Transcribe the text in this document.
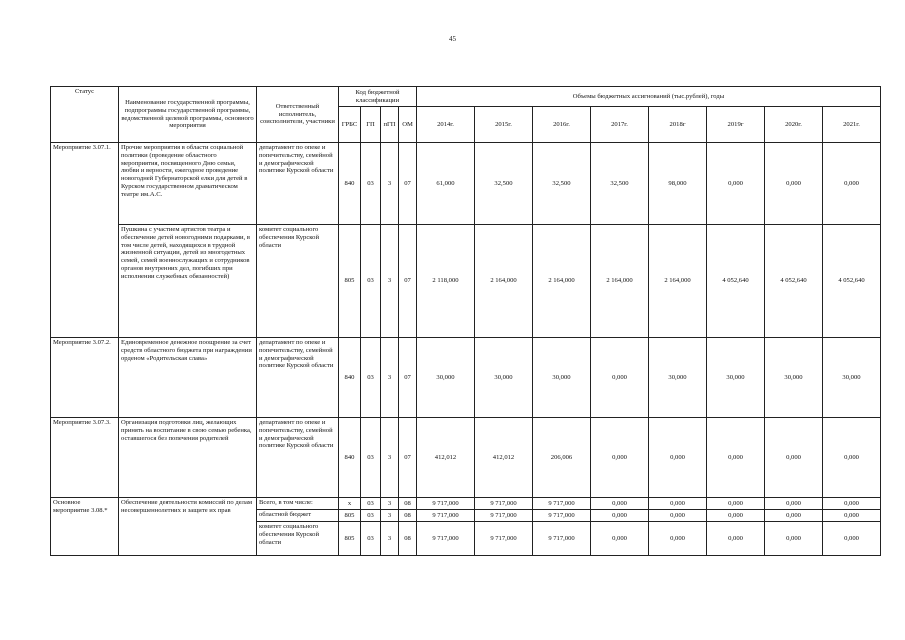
45
Статус	Наименование государственной программы, подпрограммы государственной программы, ведомственной целевой программы, основного мероприятия	Ответственный исполнитель, соисполнители, участники	Код бюджетной классификации				Объемы бюджетных ассигнований (тыс.рублей), годы							
			ГРБС	ГП	пГП	ОМ	2014г.	2015г.	2016г.	2017г.	2018г	2019г	2020г.	2021г.
Мероприятие 3.07.1.	Прочие мероприятия в области социальной политики (проведение областного мероприятия, посвященного Дню семьи, любви и верности, ежегодное проведение новогодней Губернаторской елки для детей в Курском государственном драматическом театре им.А.С.	департамент по опеке и попечительству, семейной и демографической политике Курской области	840	03	3	07	61,000	32,500	32,500	32,500	98,000	0,000	0,000	0,000
	Пушкина с участием артистов театра и обеспечение детей новогодними подарками, в том числе детей, находящихся в трудной жизненной ситуации, детей из многодетных семей, семей военнослужащих и сотрудников органов внутренних дел, погибших при исполнении служебных обязанностей)	комитет социального обеспечения Курской области	805	03	3	07	2 118,000	2 164,000	2 164,000	2 164,000	2 164,000	4 052,640	4 052,640	4 052,640
Мероприятие 3.07.2.	Единовременное денежное поощрение за счет средств областного бюджета при награждении орденом «Родительская слава»	департамент по опеке и попечительству, семейной и демографической политике Курской области	840	03	3	07	30,000	30,000	30,000	0,000	30,000	30,000	30,000	30,000
Мероприятие 3.07.3.	Организация подготовки лиц, желающих принять на воспитание в свою семью ребенка, оставшегося без попечения родителей	департамент по опеке и попечительству, семейной и демографической политике Курской области	840	03	3	07	412,012	412,012	206,006	0,000	0,000	0,000	0,000	0,000
Основное мероприятие 3.08.*	Обеспечение деятельности комиссий по делам несовершеннолетних и защите их прав	Всего, в том числе:	х	03	3	08	9 717,000	9 717,000	9 717,000	0,000	0,000	0,000	0,000	0,000
		областной бюджет	805	03	3	08	9 717,000	9 717,000	9 717,000	0,000	0,000	0,000	0,000	0,000
		комитет социального обеспечения Курской области	805	03	3	08	9 717,000	9 717,000	9 717,000	0,000	0,000	0,000	0,000	0,000
